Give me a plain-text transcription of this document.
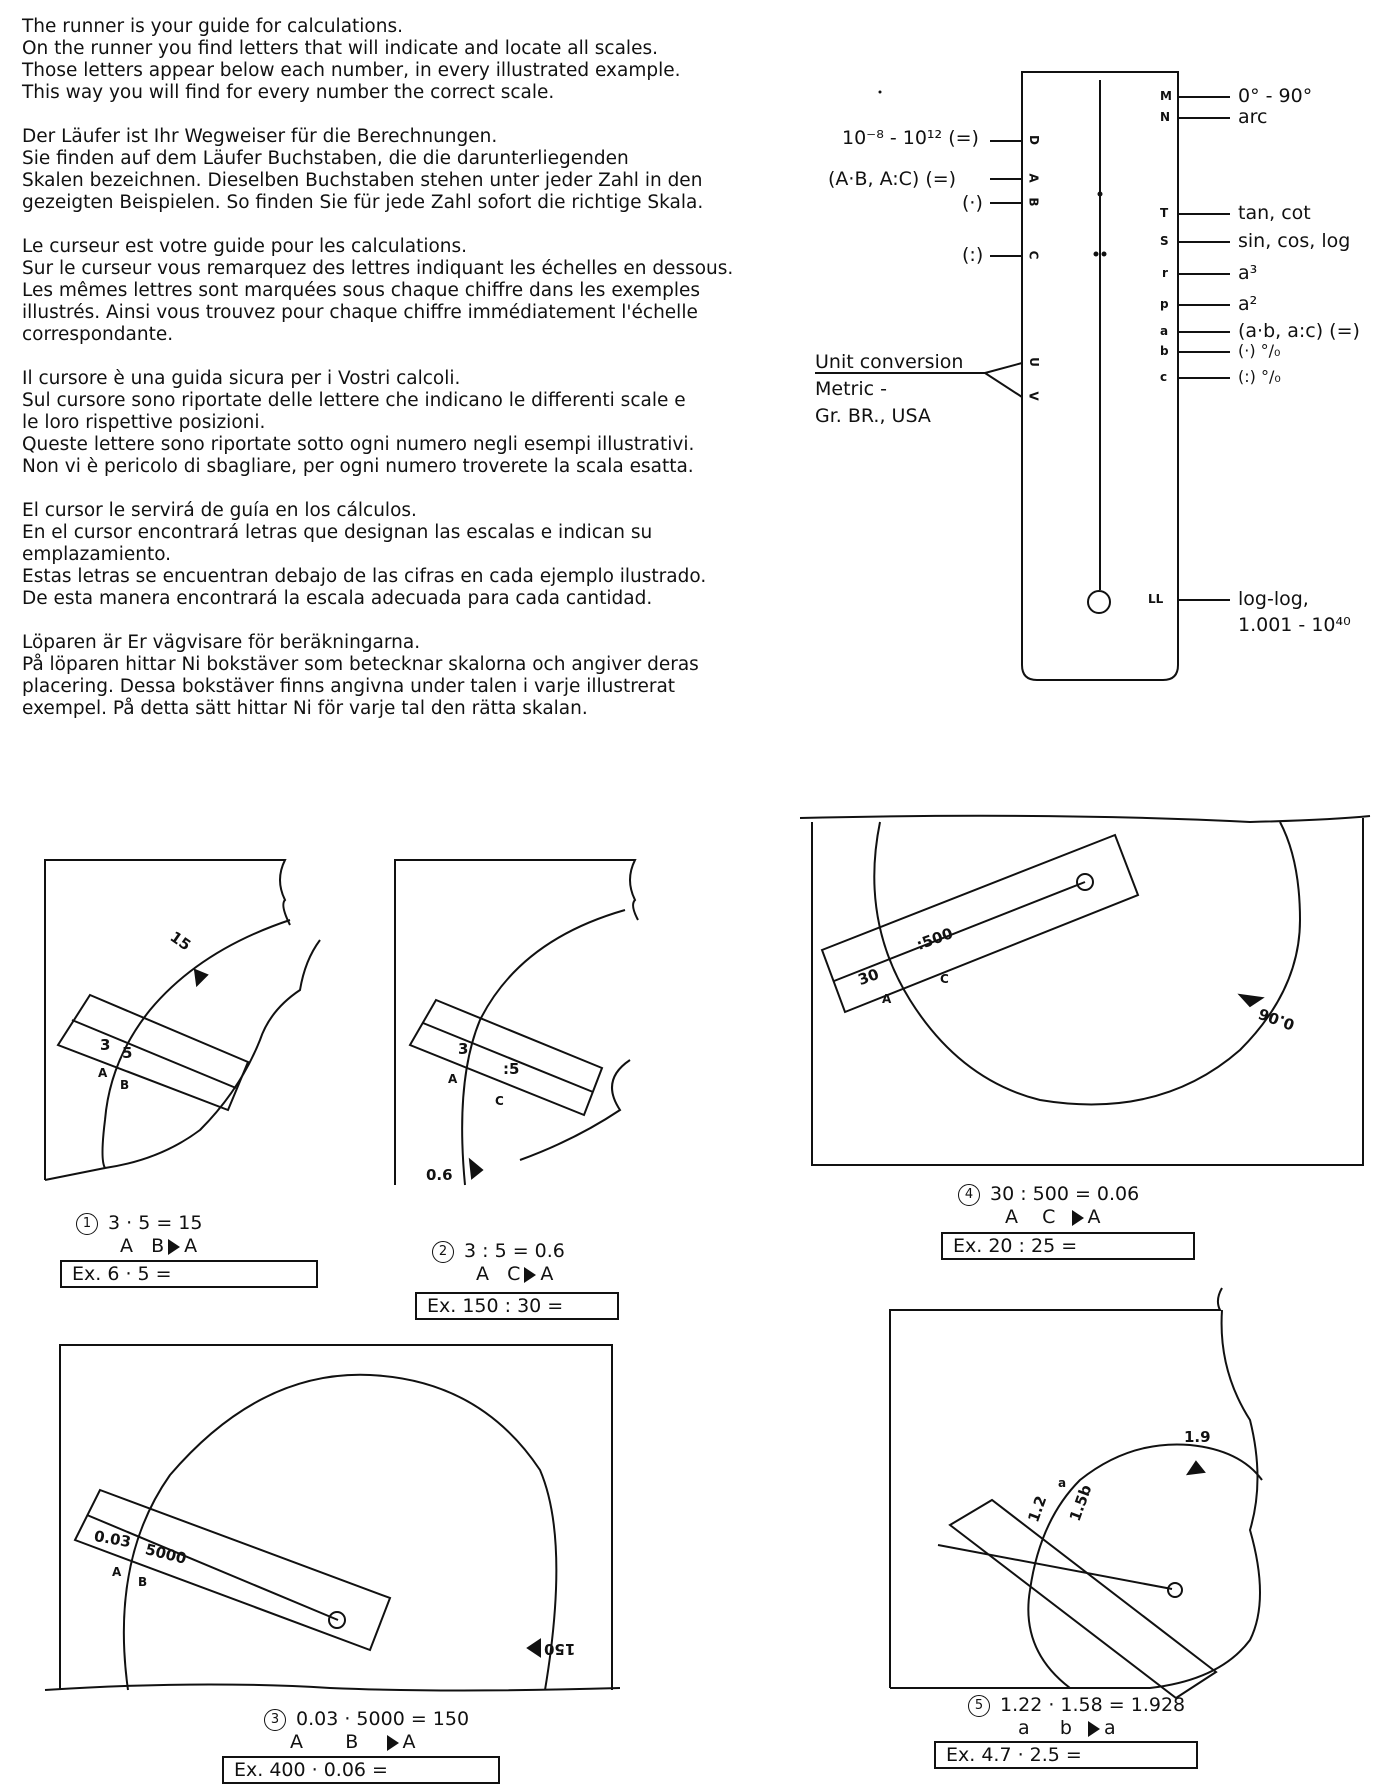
The runner is your guide for calculations.
On the runner you find letters that will indicate and locate all scales.
Those letters appear below each number, in every illustrated example.
This way you will find for every number the correct scale.
Der Läufer ist Ihr Wegweiser für die Berechnungen.
Sie finden auf dem Läufer Buchstaben, die die darunterliegenden
Skalen bezeichnen. Dieselben Buchstaben stehen unter jeder Zahl in den
gezeigten Beispielen. So finden Sie für jede Zahl sofort die richtige Skala.
Le curseur est votre guide pour les calculations.
Sur le curseur vous remarquez des lettres indiquant les échelles en dessous.
Les mêmes lettres sont marquées sous chaque chiffre dans les exemples
illustrés. Ainsi vous trouvez pour chaque chiffre immédiatement l'échelle
correspondante.
Il cursore è una guida sicura per i Vostri calcoli.
Sul cursore sono riportate delle lettere che indicano le differenti scale e
le loro rispettive posizioni.
Queste lettere sono riportate sotto ogni numero negli esempi illustrativi.
Non vi è pericolo di sbagliare, per ogni numero troverete la scala esatta.
El cursor le servirá de guía en los cálculos.
En el cursor encontrará letras que designan las escalas e indican su
emplazamiento.
Estas letras se encuentran debajo de las cifras en cada ejemplo ilustrado.
De esta manera encontrará la escala adecuada para cada cantidad.
Löparen är Er vägvisare för beräkningarna.
På löparen hittar Ni bokstäver som betecknar skalorna och angiver deras
placering. Dessa bokstäver finns angivna under talen i varje illustrerat
exempel. På detta sätt hittar Ni för varje tal den rätta skalan.
10⁻⁸ - 10¹² (=)
(A·B, A:C) (=)
(·)
(:)
Unit conversion
Metric -
Gr. BR., USA
D
A
B
C
U
V
M
N
T
S
r
p
a
b
c
LL
0° - 90°
arc
tan, cot
sin, cos, log
a³
a²
(a·b, a:c) (=)
(·) °/₀
(:) °/₀
log-log,
1.001 - 10⁴⁰
15
3 5
A
B
3
:5
A
C
0.6
0.03
5000
A
B
150
30
:500
A
C
0.06
1.2 1.5b
a
1.9
1 3 · 5 = 15
A B A
Ex. 6 · 5 =
2 3 : 5 = 0.6
A C A
Ex. 150 : 30 =
3 0.03 · 5000 = 150
A B A
Ex. 400 · 0.06 =
4 30 : 500 = 0.06
A C A
Ex. 20 : 25 =
5 1.22 · 1.58 = 1.928
a b a
Ex. 4.7 · 2.5 =
